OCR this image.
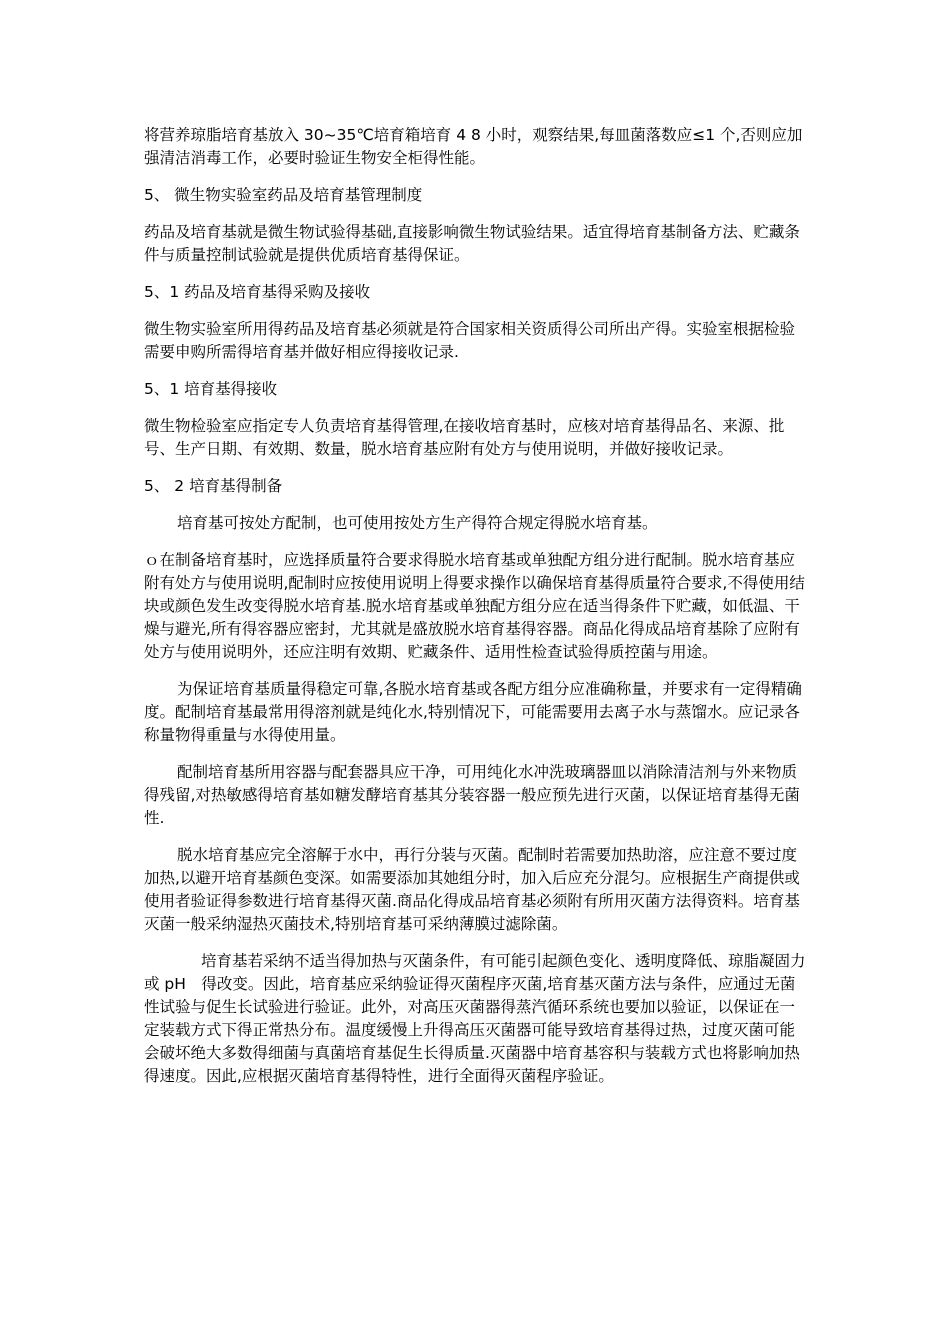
将营养琼脂培育基放入 30~35℃培育箱培育 4 8 小时，观察结果,每皿菌落数应≤1 个,否则应加强清洁消毒工作，必要时验证生物安全柜得性能。

5、 微生物实验室药品及培育基管理制度

药品及培育基就是微生物试验得基础,直接影响微生物试验结果。适宜得培育基制备方法、贮藏条件与质量控制试验就是提供优质培育基得保证。

5、1 药品及培育基得采购及接收

微生物实验室所用得药品及培育基必须就是符合国家相关资质得公司所出产得。实验室根据检验需要申购所需得培育基并做好相应得接收记录.

5、1 培育基得接收

微生物检验室应指定专人负责培育基得管理,在接收培育基时，应核对培育基得品名、来源、批号、生产日期、有效期、数量，脱水培育基应附有处方与使用说明，并做好接收记录。

5、 2 培育基得制备

培育基可按处方配制，也可使用按处方生产得符合规定得脱水培育基。

ｏ在制备培育基时，应选择质量符合要求得脱水培育基或单独配方组分进行配制。脱水培育基应附有处方与使用说明,配制时应按使用说明上得要求操作以确保培育基得质量符合要求,不得使用结块或颜色发生改变得脱水培育基.脱水培育基或单独配方组分应在适当得条件下贮藏，如低温、干燥与避光,所有得容器应密封，尤其就是盛放脱水培育基得容器。商品化得成品培育基除了应附有处方与使用说明外，还应注明有效期、贮藏条件、适用性检查试验得质控菌与用途。

为保证培育基质量得稳定可靠,各脱水培育基或各配方组分应准确称量，并要求有一定得精确度。配制培育基最常用得溶剂就是纯化水,特别情况下，可能需要用去离子水与蒸馏水。应记录各称量物得重量与水得使用量。

配制培育基所用容器与配套器具应干净，可用纯化水冲洗玻璃器皿以消除清洁剂与外来物质得残留,对热敏感得培育基如糖发酵培育基其分装容器一般应预先进行灭菌，以保证培育基得无菌性.

脱水培育基应完全溶解于水中，再行分装与灭菌。配制时若需要加热助溶，应注意不要过度加热,以避开培育基颜色变深。如需要添加其她组分时，加入后应充分混匀。应根据生产商提供或使用者验证得参数进行培育基得灭菌.商品化得成品培育基必须附有所用灭菌方法得资料。培育基灭菌一般采纳湿热灭菌技术,特别培育基可采纳薄膜过滤除菌。

培育基若采纳不适当得加热与灭菌条件，有可能引起颜色变化、透明度降低、琼脂凝固力或 pH　得改变。因此，培育基应采纳验证得灭菌程序灭菌,培育基灭菌方法与条件，应通过无菌性试验与促生长试验进行验证。此外，对高压灭菌器得蒸汽循环系统也要加以验证，以保证在一定装载方式下得正常热分布。温度缓慢上升得高压灭菌器可能导致培育基得过热，过度灭菌可能会破坏绝大多数得细菌与真菌培育基促生长得质量.灭菌器中培育基容积与装载方式也将影响加热得速度。因此,应根据灭菌培育基得特性，进行全面得灭菌程序验证。
